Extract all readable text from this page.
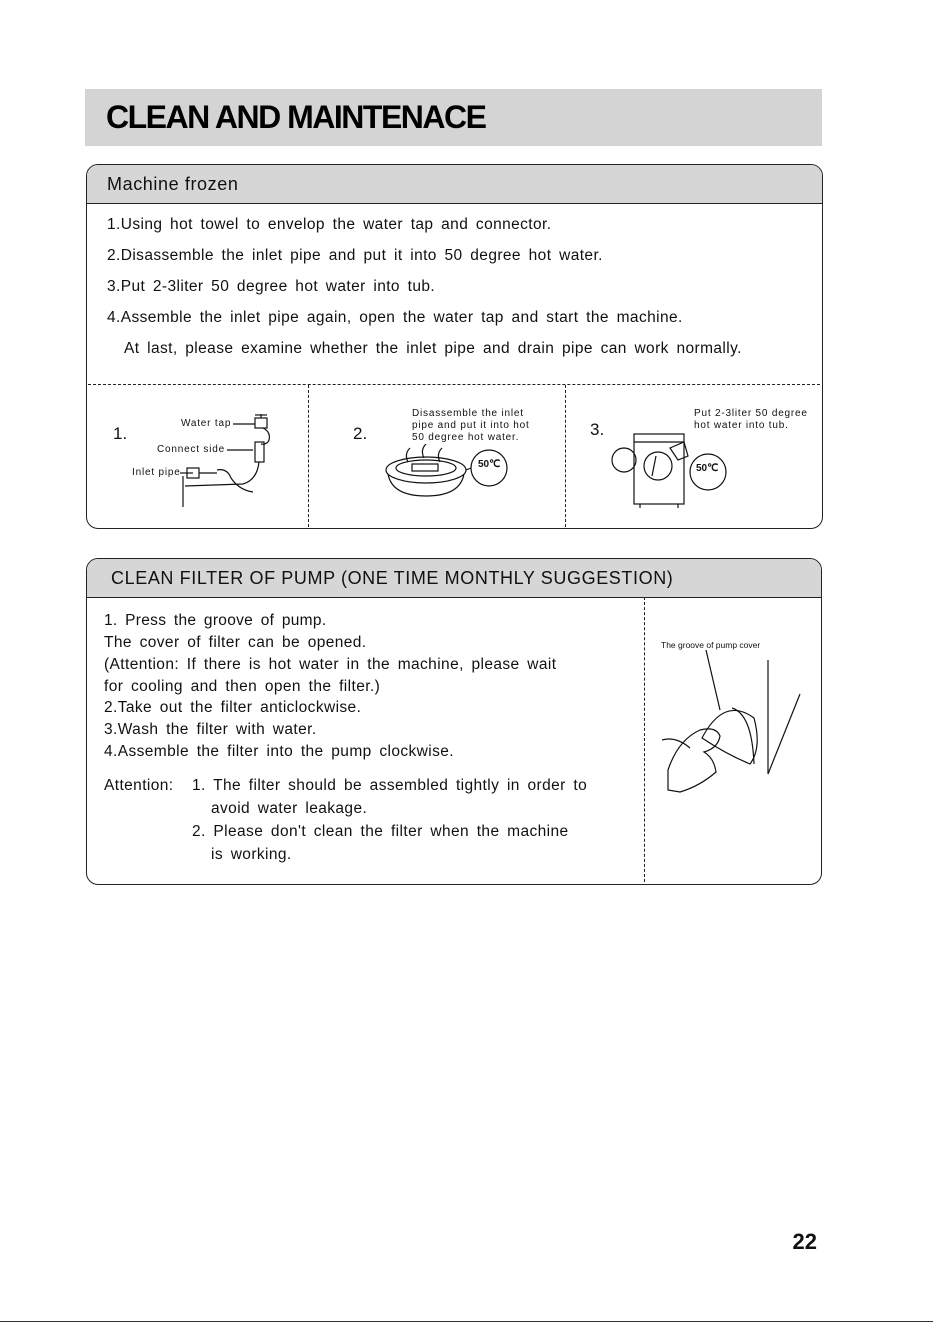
CLEAN AND MAINTENACE
Machine frozen
1.Using hot towel to envelop the water tap and connector.
2.Disassemble the inlet pipe and put it into 50 degree hot water.
3.Put 2-3liter 50 degree hot water into tub.
4.Assemble the inlet pipe again, open the water tap and start the machine.
At last, please examine whether the inlet pipe and drain pipe can work normally.
1.
Water tap
Connect side
Inlet pipe
2.
Disassemble the inlet
pipe and put it into hot
50 degree hot water.
50℃
3.
Put 2-3liter 50 degree
hot water into tub.
50℃
CLEAN FILTER OF PUMP (ONE TIME MONTHLY SUGGESTION)
1. Press the groove of pump.
The cover of filter can be opened.
(Attention: If there is hot water in the machine, please wait
for cooling and then open the filter.)
2.Take out the filter anticlockwise.
3.Wash the filter with water.
4.Assemble the filter into the pump clockwise.
Attention: 1. The filter should be assembled tightly in order to
avoid water leakage.
2. Please don't clean the filter when the machine
is working.
The groove of pump cover
22
